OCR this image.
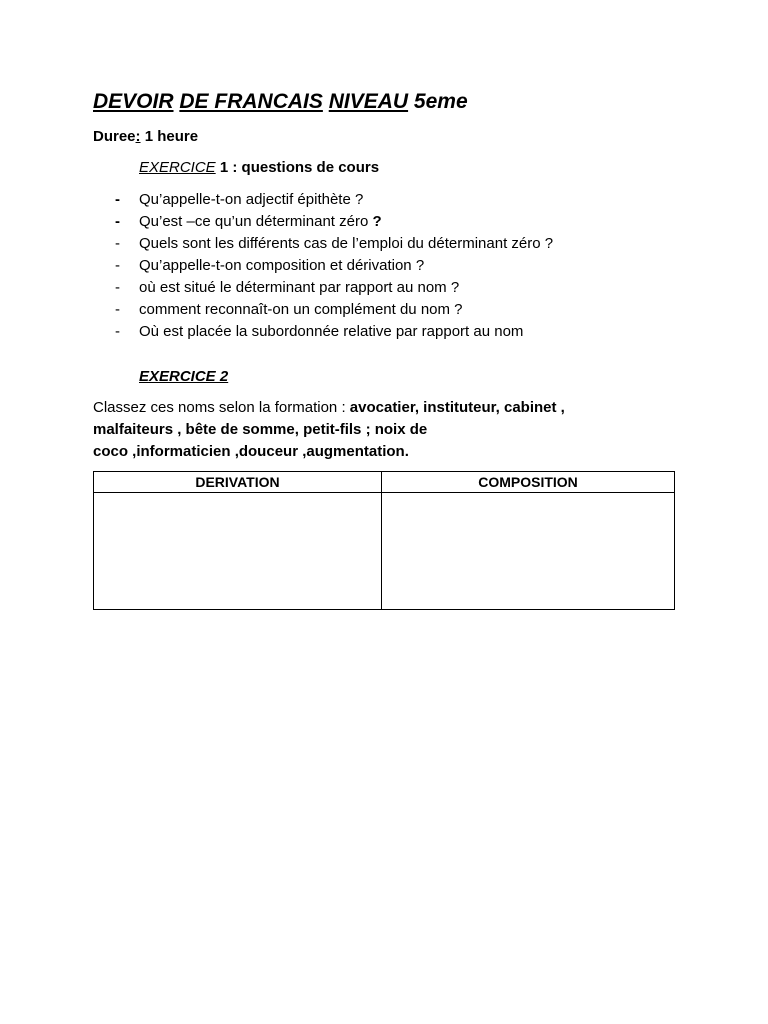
DEVOIR DE FRANCAIS NIVEAU 5eme
Duree: 1 heure
EXERCICE 1 : questions de cours
- Qu’appelle-t-on adjectif épithète ?
- Qu’est –ce qu’un déterminant zéro ?
- Quels sont les différents cas de l’emploi du déterminant zéro ?
- Qu’appelle-t-on composition et dérivation ?
- où est situé le déterminant par rapport au nom ?
- comment reconnaît-on un complément du nom ?
- Où est placée la subordonnée relative par rapport au nom
EXERCICE 2
Classez ces noms selon la formation : avocatier, instituteur, cabinet ,
malfaiteurs , bête de somme, petit-fils ; noix de
coco ,informaticien ,douceur ,augmentation.
DERIVATION	COMPOSITION
